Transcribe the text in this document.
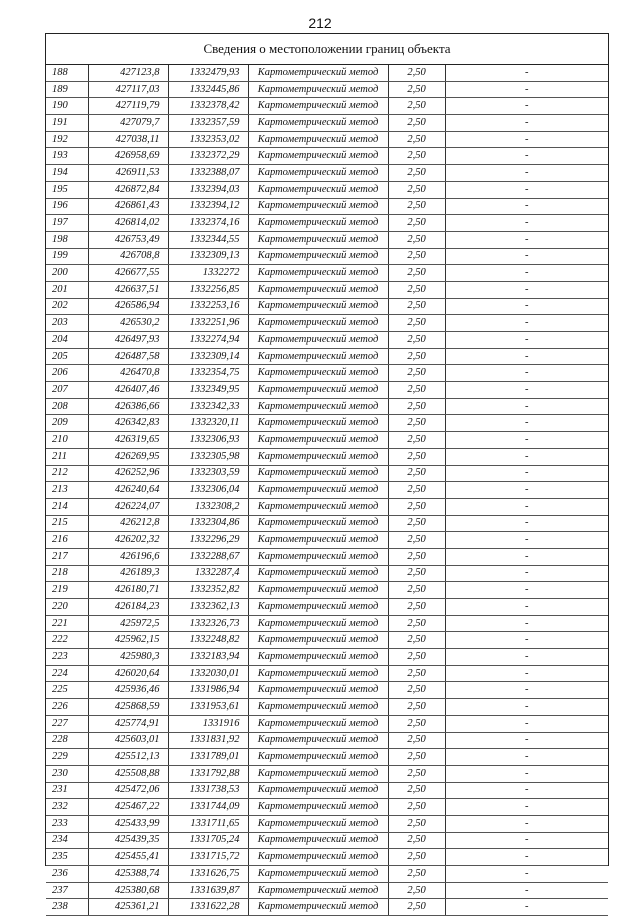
212
Сведения о местоположении границ объекта
188	427123,8	1332479,93	Картометрический метод	2,50	-
189	427117,03	1332445,86	Картометрический метод	2,50	-
190	427119,79	1332378,42	Картометрический метод	2,50	-
191	427079,7	1332357,59	Картометрический метод	2,50	-
192	427038,11	1332353,02	Картометрический метод	2,50	-
193	426958,69	1332372,29	Картометрический метод	2,50	-
194	426911,53	1332388,07	Картометрический метод	2,50	-
195	426872,84	1332394,03	Картометрический метод	2,50	-
196	426861,43	1332394,12	Картометрический метод	2,50	-
197	426814,02	1332374,16	Картометрический метод	2,50	-
198	426753,49	1332344,55	Картометрический метод	2,50	-
199	426708,8	1332309,13	Картометрический метод	2,50	-
200	426677,55	1332272	Картометрический метод	2,50	-
201	426637,51	1332256,85	Картометрический метод	2,50	-
202	426586,94	1332253,16	Картометрический метод	2,50	-
203	426530,2	1332251,96	Картометрический метод	2,50	-
204	426497,93	1332274,94	Картометрический метод	2,50	-
205	426487,58	1332309,14	Картометрический метод	2,50	-
206	426470,8	1332354,75	Картометрический метод	2,50	-
207	426407,46	1332349,95	Картометрический метод	2,50	-
208	426386,66	1332342,33	Картометрический метод	2,50	-
209	426342,83	1332320,11	Картометрический метод	2,50	-
210	426319,65	1332306,93	Картометрический метод	2,50	-
211	426269,95	1332305,98	Картометрический метод	2,50	-
212	426252,96	1332303,59	Картометрический метод	2,50	-
213	426240,64	1332306,04	Картометрический метод	2,50	-
214	426224,07	1332308,2	Картометрический метод	2,50	-
215	426212,8	1332304,86	Картометрический метод	2,50	-
216	426202,32	1332296,29	Картометрический метод	2,50	-
217	426196,6	1332288,67	Картометрический метод	2,50	-
218	426189,3	1332287,4	Картометрический метод	2,50	-
219	426180,71	1332352,82	Картометрический метод	2,50	-
220	426184,23	1332362,13	Картометрический метод	2,50	-
221	425972,5	1332326,73	Картометрический метод	2,50	-
222	425962,15	1332248,82	Картометрический метод	2,50	-
223	425980,3	1332183,94	Картометрический метод	2,50	-
224	426020,64	1332030,01	Картометрический метод	2,50	-
225	425936,46	1331986,94	Картометрический метод	2,50	-
226	425868,59	1331953,61	Картометрический метод	2,50	-
227	425774,91	1331916	Картометрический метод	2,50	-
228	425603,01	1331831,92	Картометрический метод	2,50	-
229	425512,13	1331789,01	Картометрический метод	2,50	-
230	425508,88	1331792,88	Картометрический метод	2,50	-
231	425472,06	1331738,53	Картометрический метод	2,50	-
232	425467,22	1331744,09	Картометрический метод	2,50	-
233	425433,99	1331711,65	Картометрический метод	2,50	-
234	425439,35	1331705,24	Картометрический метод	2,50	-
235	425455,41	1331715,72	Картометрический метод	2,50	-
236	425388,74	1331626,75	Картометрический метод	2,50	-
237	425380,68	1331639,87	Картометрический метод	2,50	-
238	425361,21	1331622,28	Картометрический метод	2,50	-
